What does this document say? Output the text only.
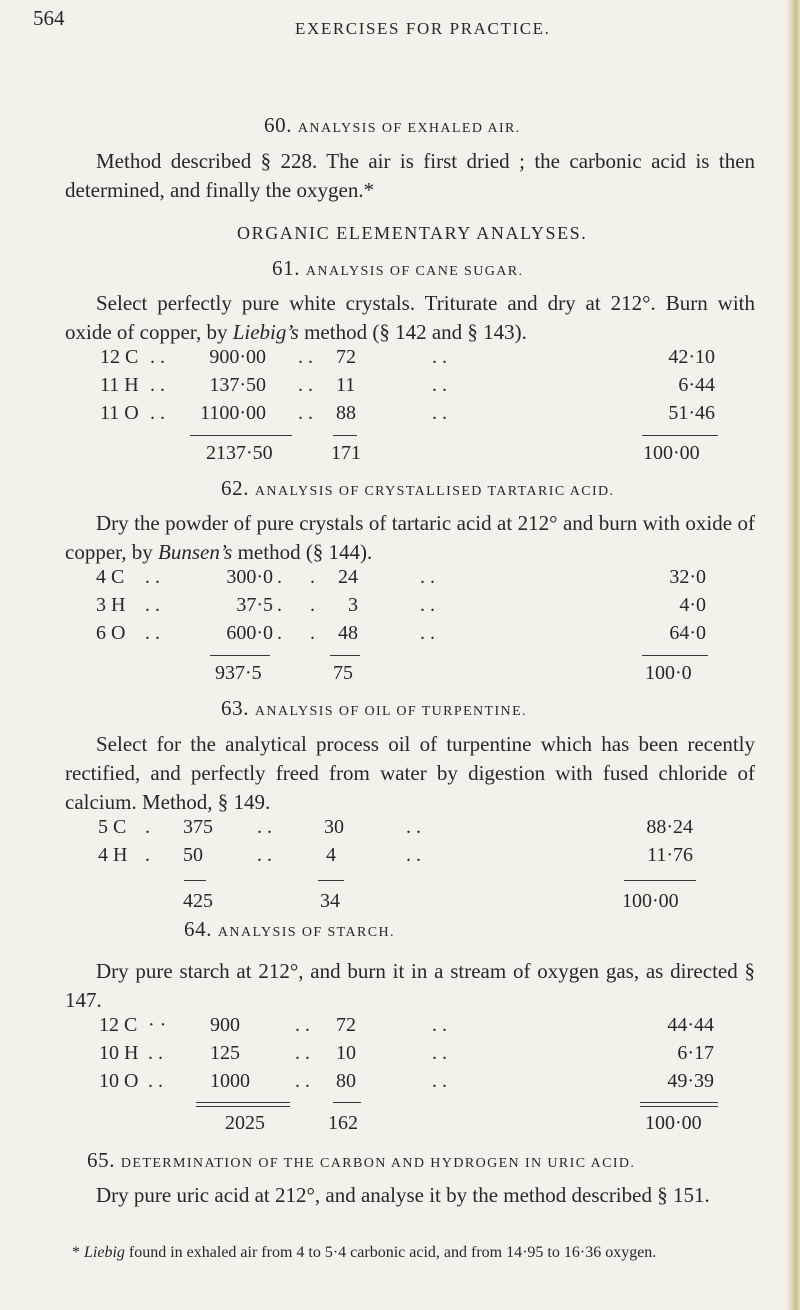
564	EXERCISES FOR PRACTICE.
60. ANALYSIS OF EXHALED AIR.
Method described § 228. The air is first dried ; the carbonic acid is then determined, and finally the oxygen.*
ORGANIC ELEMENTARY ANALYSES.
61. ANALYSIS OF CANE SUGAR.
Select perfectly pure white crystals. Triturate and dry at 212°. Burn with oxide of copper, by Liebig’s method (§ 142 and § 143).
12 C . .	900·00 . . 72	. .	42·10
11 H . .	137·50 . . 11	. .	6·44
11 O . .	1100·00 . . 88	. .	51·46
2137·50	171	100·00
62. ANALYSIS OF CRYSTALLISED TARTARIC ACID.
Dry the powder of pure crystals of tartaric acid at 212° and burn with oxide of copper, by Bunsen’s method (§ 144).
4 C . .	300·0 . .	24	. .	32·0
3 H . .	37·5 . .	3	. .	4·0
6 O . .	600·0 . .	48	. .	64·0
937·5	75	100·0
63. ANALYSIS OF OIL OF TURPENTINE.
Select for the analytical process oil of turpentine which has been recently rectified, and perfectly freed from water by digestion with fused chloride of calcium. Method, § 149.
5 C . 375 . .	30	. .	88·24
4 H . 50	. .	4	. .	11·76
425	34	100·00
64. ANALYSIS OF STARCH.
Dry pure starch at 212°, and burn it in a stream of oxygen gas, as directed § 147.
12 C · · 900	. . 72	. .	44·44
10 H . . 125	. . 10	. .	6·17
10 O . . 1000 . . 80	. .	49·39
2025	162	100·00
65. DETERMINATION OF THE CARBON AND HYDROGEN IN URIC ACID.
Dry pure uric acid at 212°, and analyse it by the method described § 151.
* Liebig found in exhaled air from 4 to 5·4 carbonic acid, and from 14·95 to 16·36 oxygen.
